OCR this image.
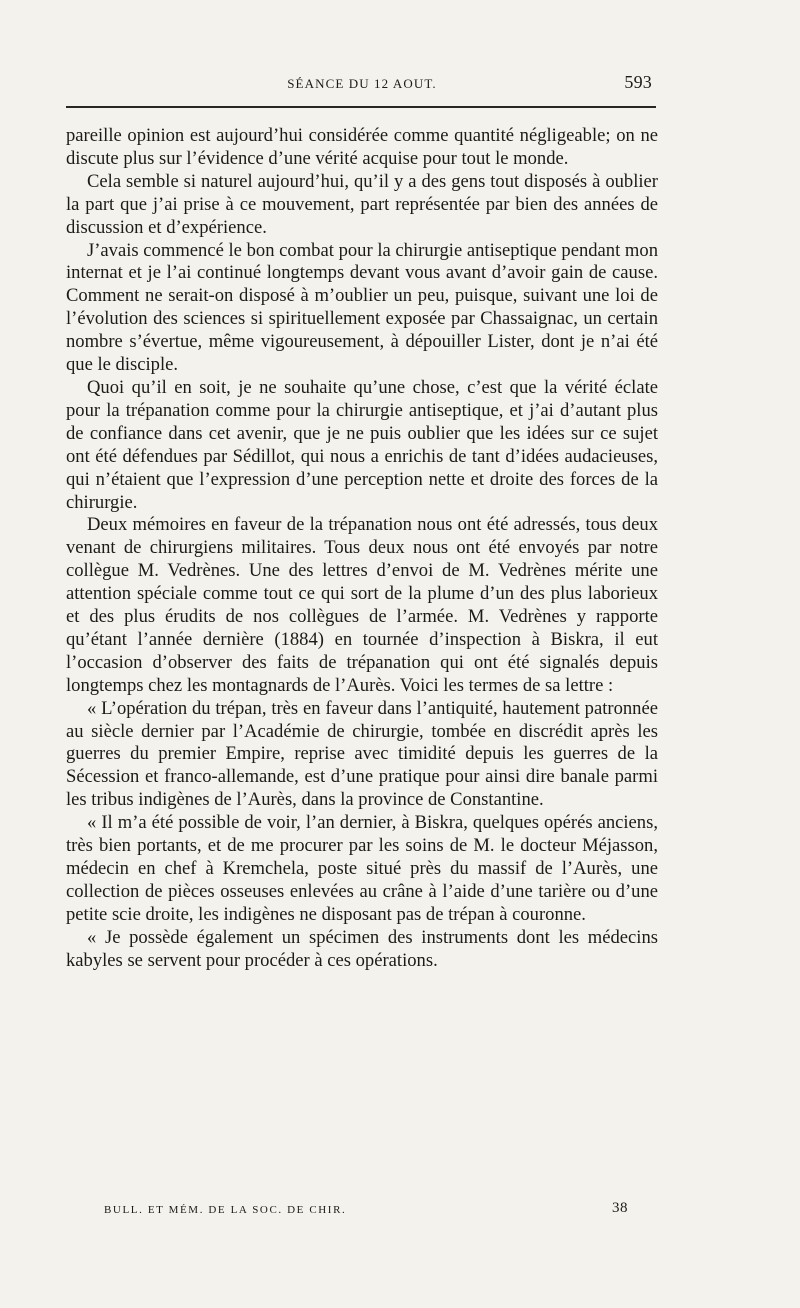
SÉANCE DU 12 AOUT.	593

pareille opinion est aujourd’hui considérée comme quantité négligeable; on ne discute plus sur l’évidence d’une vérité acquise pour tout le monde.

Cela semble si naturel aujourd’hui, qu’il y a des gens tout disposés à oublier la part que j’ai prise à ce mouvement, part représentée par bien des années de discussion et d’expérience.

J’avais commencé le bon combat pour la chirurgie antiseptique pendant mon internat et je l’ai continué longtemps devant vous avant d’avoir gain de cause. Comment ne serait-on disposé à m’oublier un peu, puisque, suivant une loi de l’évolution des sciences si spirituellement exposée par Chassaignac, un certain nombre s’évertue, même vigoureusement, à dépouiller Lister, dont je n’ai été que le disciple.

Quoi qu’il en soit, je ne souhaite qu’une chose, c’est que la vérité éclate pour la trépanation comme pour la chirurgie antiseptique, et j’ai d’autant plus de confiance dans cet avenir, que je ne puis oublier que les idées sur ce sujet ont été défendues par Sédillot, qui nous a enrichis de tant d’idées audacieuses, qui n’étaient que l’expression d’une perception nette et droite des forces de la chirurgie.

Deux mémoires en faveur de la trépanation nous ont été adressés, tous deux venant de chirurgiens militaires. Tous deux nous ont été envoyés par notre collègue M. Vedrènes. Une des lettres d’envoi de M. Vedrènes mérite une attention spéciale comme tout ce qui sort de la plume d’un des plus laborieux et des plus érudits de nos collègues de l’armée. M. Vedrènes y rapporte qu’étant l’année dernière (1884) en tournée d’inspection à Biskra, il eut l’occasion d’observer des faits de trépanation qui ont été signalés depuis longtemps chez les montagnards de l’Aurès. Voici les termes de sa lettre :

« L’opération du trépan, très en faveur dans l’antiquité, hautement patronnée au siècle dernier par l’Académie de chirurgie, tombée en discrédit après les guerres du premier Empire, reprise avec timidité depuis les guerres de la Sécession et franco-allemande, est d’une pratique pour ainsi dire banale parmi les tribus indigènes de l’Aurès, dans la province de Constantine.

« Il m’a été possible de voir, l’an dernier, à Biskra, quelques opérés anciens, très bien portants, et de me procurer par les soins de M. le docteur Méjasson, médecin en chef à Kremchela, poste situé près du massif de l’Aurès, une collection de pièces osseuses enlevées au crâne à l’aide d’une tarière ou d’une petite scie droite, les indigènes ne disposant pas de trépan à couronne.

« Je possède également un spécimen des instruments dont les médecins kabyles se servent pour procéder à ces opérations.

BULL. ET MÉM. DE LA SOC. DE CHIR.	38
